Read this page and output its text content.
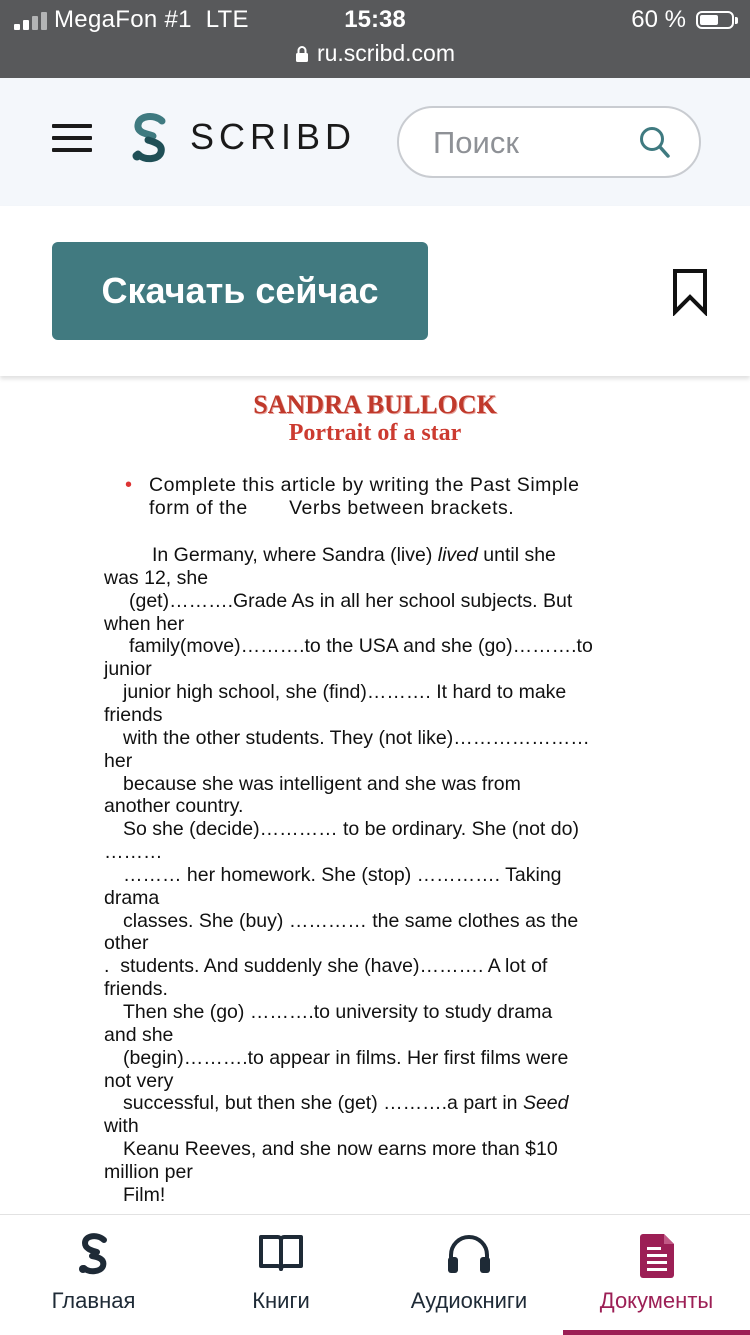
MegaFon #1  LTE	15:38	60 %
ru.scribd.com
SCRIBD
Поиск
Скачать сейчас
SANDRA BULLOCK
Portrait of a star
• Complete this article by writing the Past Simple
form of the       Verbs between brackets.
In Germany, where Sandra (live) lived until she
was 12, she
(get)……….Grade As in all her school subjects. But
when her
family(move)……….to the USA and she (go)……….to
junior
junior high school, she (find)………. It hard to make
friends
with the other students. They (not like)…………………
her
because she was intelligent and she was from
another country.
So she (decide)………… to be ordinary. She (not do)
………
……… her homework. She (stop) …………. Taking
drama
classes. She (buy) ………… the same clothes as the
other
.  students. And suddenly she (have)………. A lot of
friends.
Then she (go) ……….to university to study drama
and she
(begin)……….to appear in films. Her first films were
not very
successful, but then she (get) ……….a part in Seed
with
Keanu Reeves, and she now earns more than $10
million per
Film!
Главная	Книги	Аудиокниги	Документы
